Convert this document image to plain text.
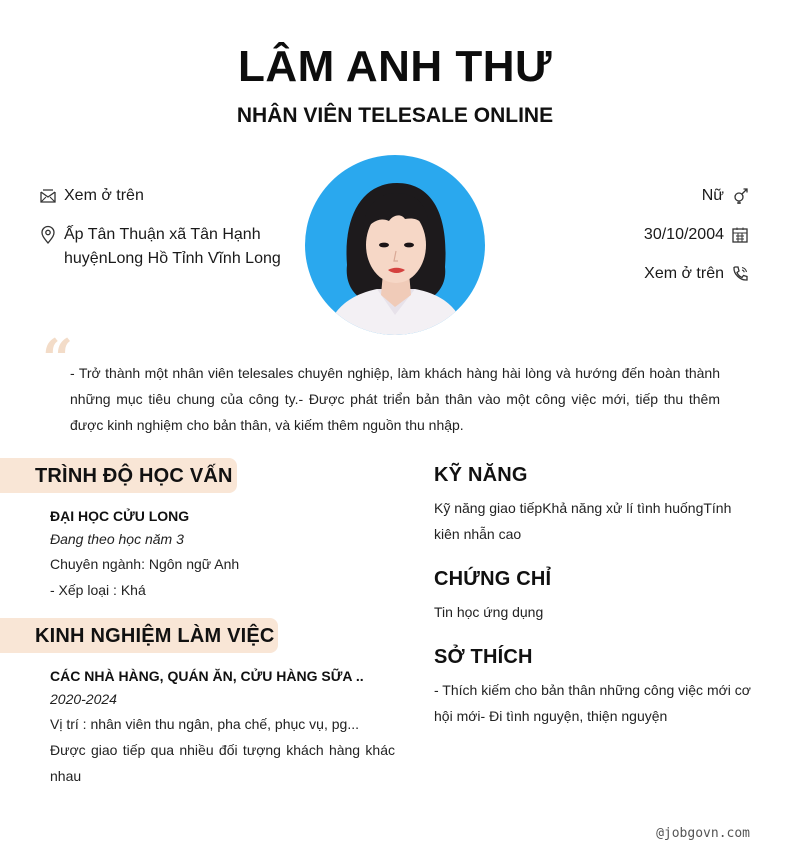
LÂM ANH THƯ
NHÂN VIÊN TELESALE ONLINE
Xem ở trên
Ấp Tân Thuận xã Tân Hạnh
huyệnLong Hồ Tỉnh Vĩnh Long
Nữ
30/10/2004
Xem ở trên
“
- Trở thành một nhân viên telesales chuyên nghiệp, làm khách hàng hài lòng và hướng đến hoàn thành những mục tiêu chung của công ty.- Được phát triển bản thân vào một công việc mới, tiếp thu thêm được kinh nghiệm cho bản thân, và kiếm thêm nguồn thu nhập.
TRÌNH ĐỘ HỌC VẤN
ĐẠI HỌC CỬU LONG
Đang theo học năm 3
Chuyên ngành: Ngôn ngữ Anh
- Xếp loại : Khá
KINH NGHIỆM LÀM VIỆC
CÁC NHÀ HÀNG, QUÁN ĂN, CỬU HÀNG SỮA ..
2020-2024
Vị trí : nhân viên thu ngân, pha chế, phục vụ, pg...
Được giao tiếp qua nhiều đối tượng khách hàng khác nhau
KỸ NĂNG
Kỹ năng giao tiếpKhả năng xử lí tình huốngTính kiên nhẫn cao
CHỨNG CHỈ
Tin học ứng dụng
SỞ THÍCH
- Thích kiếm cho bản thân những công việc mới cơ hội mới- Đi tình nguyện, thiện nguyện
@jobgovn.com
